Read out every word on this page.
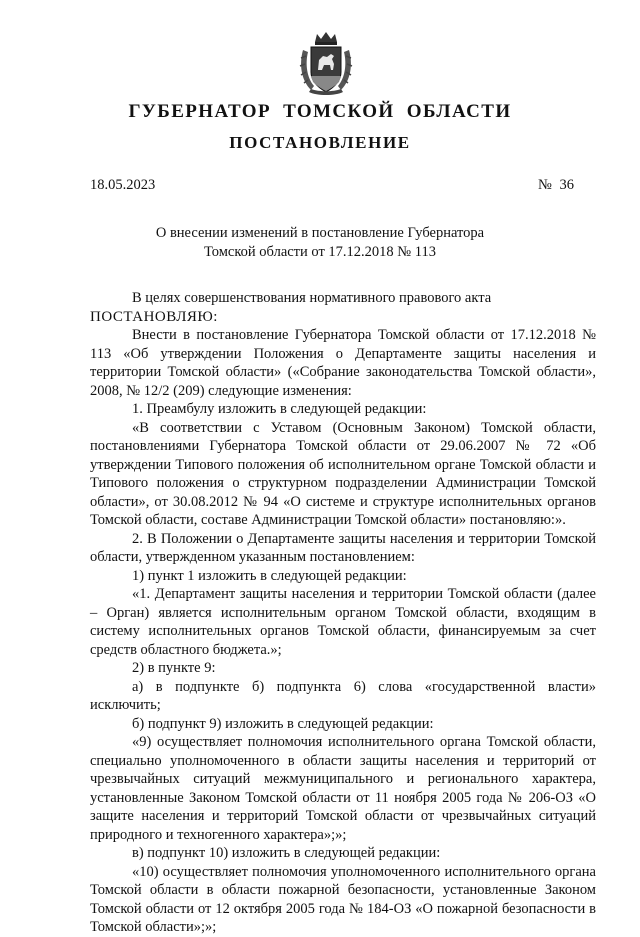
ГУБЕРНАТОР ТОМСКОЙ ОБЛАСТИ
ПОСТАНОВЛЕНИЕ
18.05.2023	№ 36
О внесении изменений в постановление Губернатора
Томской области от 17.12.2018 № 113

В целях совершенствования нормативного правового акта

ПОСТАНОВЛЯЮ:

Внести в постановление Губернатора Томской области от 17.12.2018 № 113 «Об утверждении Положения о Департаменте защиты населения и территории Томской области» («Собрание законодательства Томской области», 2008, № 12/2 (209) следующие изменения:

1. Преамбулу изложить в следующей редакции:

«В соответствии с Уставом (Основным Законом) Томской области, постановлениями Губернатора Томской области от 29.06.2007 № 72 «Об утверждении Типового положения об исполнительном органе Томской области и Типового положения о структурном подразделении Администрации Томской области», от 30.08.2012 № 94 «О системе и структуре исполнительных органов Томской области, составе Администрации Томской области» постановляю:».

2. В Положении о Департаменте защиты населения и территории Томской области, утвержденном указанным постановлением:

1) пункт 1 изложить в следующей редакции:

«1. Департамент защиты населения и территории Томской области (далее – Орган) является исполнительным органом Томской области, входящим в систему исполнительных органов Томской области, финансируемым за счет средств областного бюджета.»;

2) в пункте 9:

а) в подпункте б) подпункта 6) слова «государственной власти» исключить;

б) подпункт 9) изложить в следующей редакции:

«9) осуществляет полномочия исполнительного органа Томской области, специально уполномоченного в области защиты населения и территорий от чрезвычайных ситуаций межмуниципального и регионального характера, установленные Законом Томской области от 11 ноября 2005 года № 206-ОЗ «О защите населения и территорий Томской области от чрезвычайных ситуаций природного и техногенного характера»;»;

в) подпункт 10) изложить в следующей редакции:

«10) осуществляет полномочия уполномоченного исполнительного органа Томской области в области пожарной безопасности, установленные Законом Томской области от 12 октября 2005 года № 184-ОЗ «О пожарной безопасности в Томской области»;»;
